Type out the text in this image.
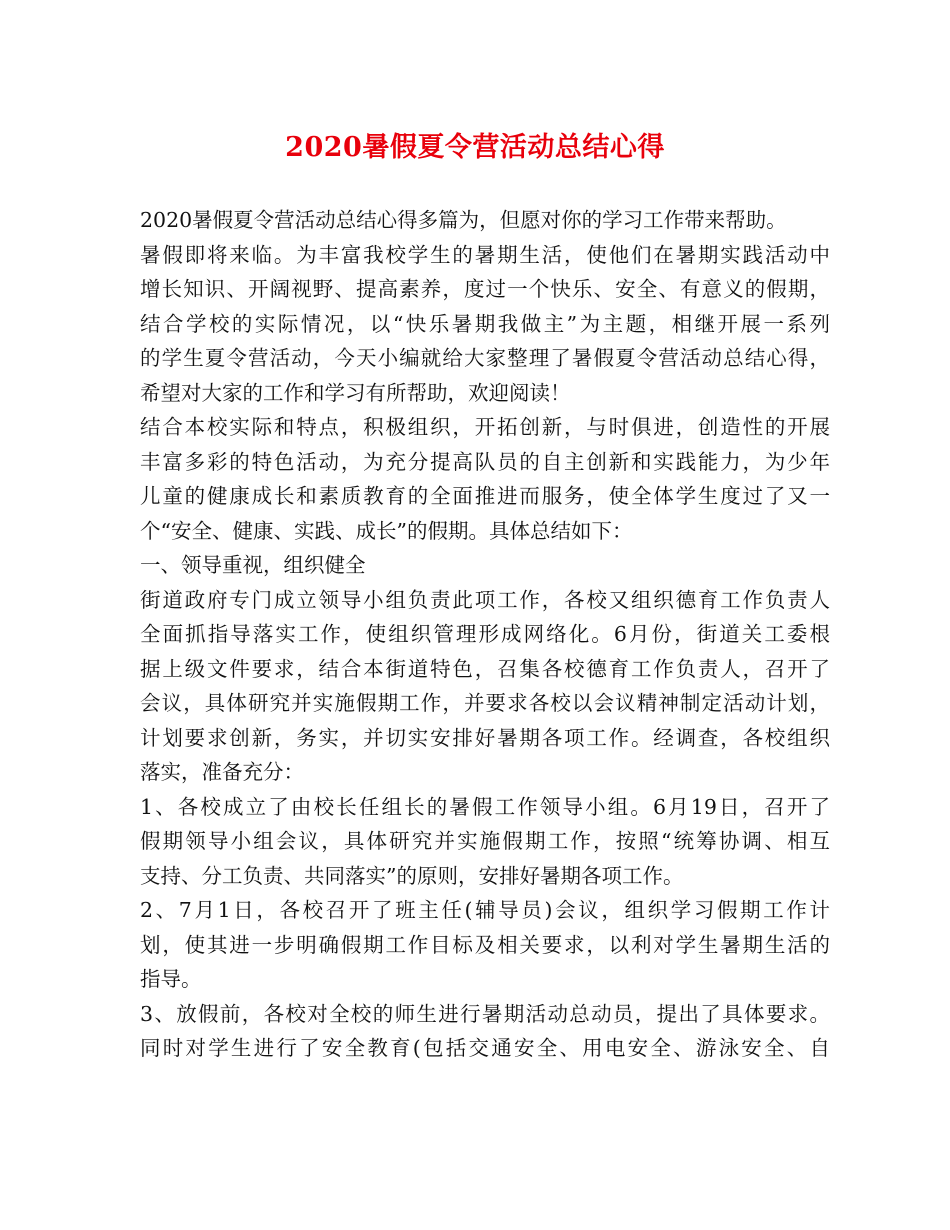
2020暑假夏令营活动总结心得
2020暑假夏令营活动总结心得多篇为，但愿对你的学习工作带来帮助。
暑假即将来临。为丰富我校学生的暑期生活，使他们在暑期实践活动中
增长知识、开阔视野、提高素养，度过一个快乐、安全、有意义的假期，
结合学校的实际情况，以“快乐暑期我做主”为主题，相继开展一系列
的学生夏令营活动，今天小编就给大家整理了暑假夏令营活动总结心得，
希望对大家的工作和学习有所帮助，欢迎阅读！
结合本校实际和特点，积极组织，开拓创新，与时俱进，创造性的开展
丰富多彩的特色活动，为充分提高队员的自主创新和实践能力，为少年
儿童的健康成长和素质教育的全面推进而服务，使全体学生度过了又一
个“安全、健康、实践、成长”的假期。具体总结如下：
一、领导重视，组织健全
街道政府专门成立领导小组负责此项工作，各校又组织德育工作负责人
全面抓指导落实工作，使组织管理形成网络化。6月份，街道关工委根
据上级文件要求，结合本街道特色，召集各校德育工作负责人，召开了
会议，具体研究并实施假期工作，并要求各校以会议精神制定活动计划，
计划要求创新，务实，并切实安排好暑期各项工作。经调查，各校组织
落实，准备充分：
1、各校成立了由校长任组长的暑假工作领导小组。6月19日，召开了
假期领导小组会议，具体研究并实施假期工作，按照“统筹协调、相互
支持、分工负责、共同落实”的原则，安排好暑期各项工作。
2、7月1日，各校召开了班主任(辅导员)会议，组织学习假期工作计
划，使其进一步明确假期工作目标及相关要求，以利对学生暑期生活的
指导。
3、放假前，各校对全校的师生进行暑期活动总动员，提出了具体要求。
同时对学生进行了安全教育(包括交通安全、用电安全、游泳安全、自
